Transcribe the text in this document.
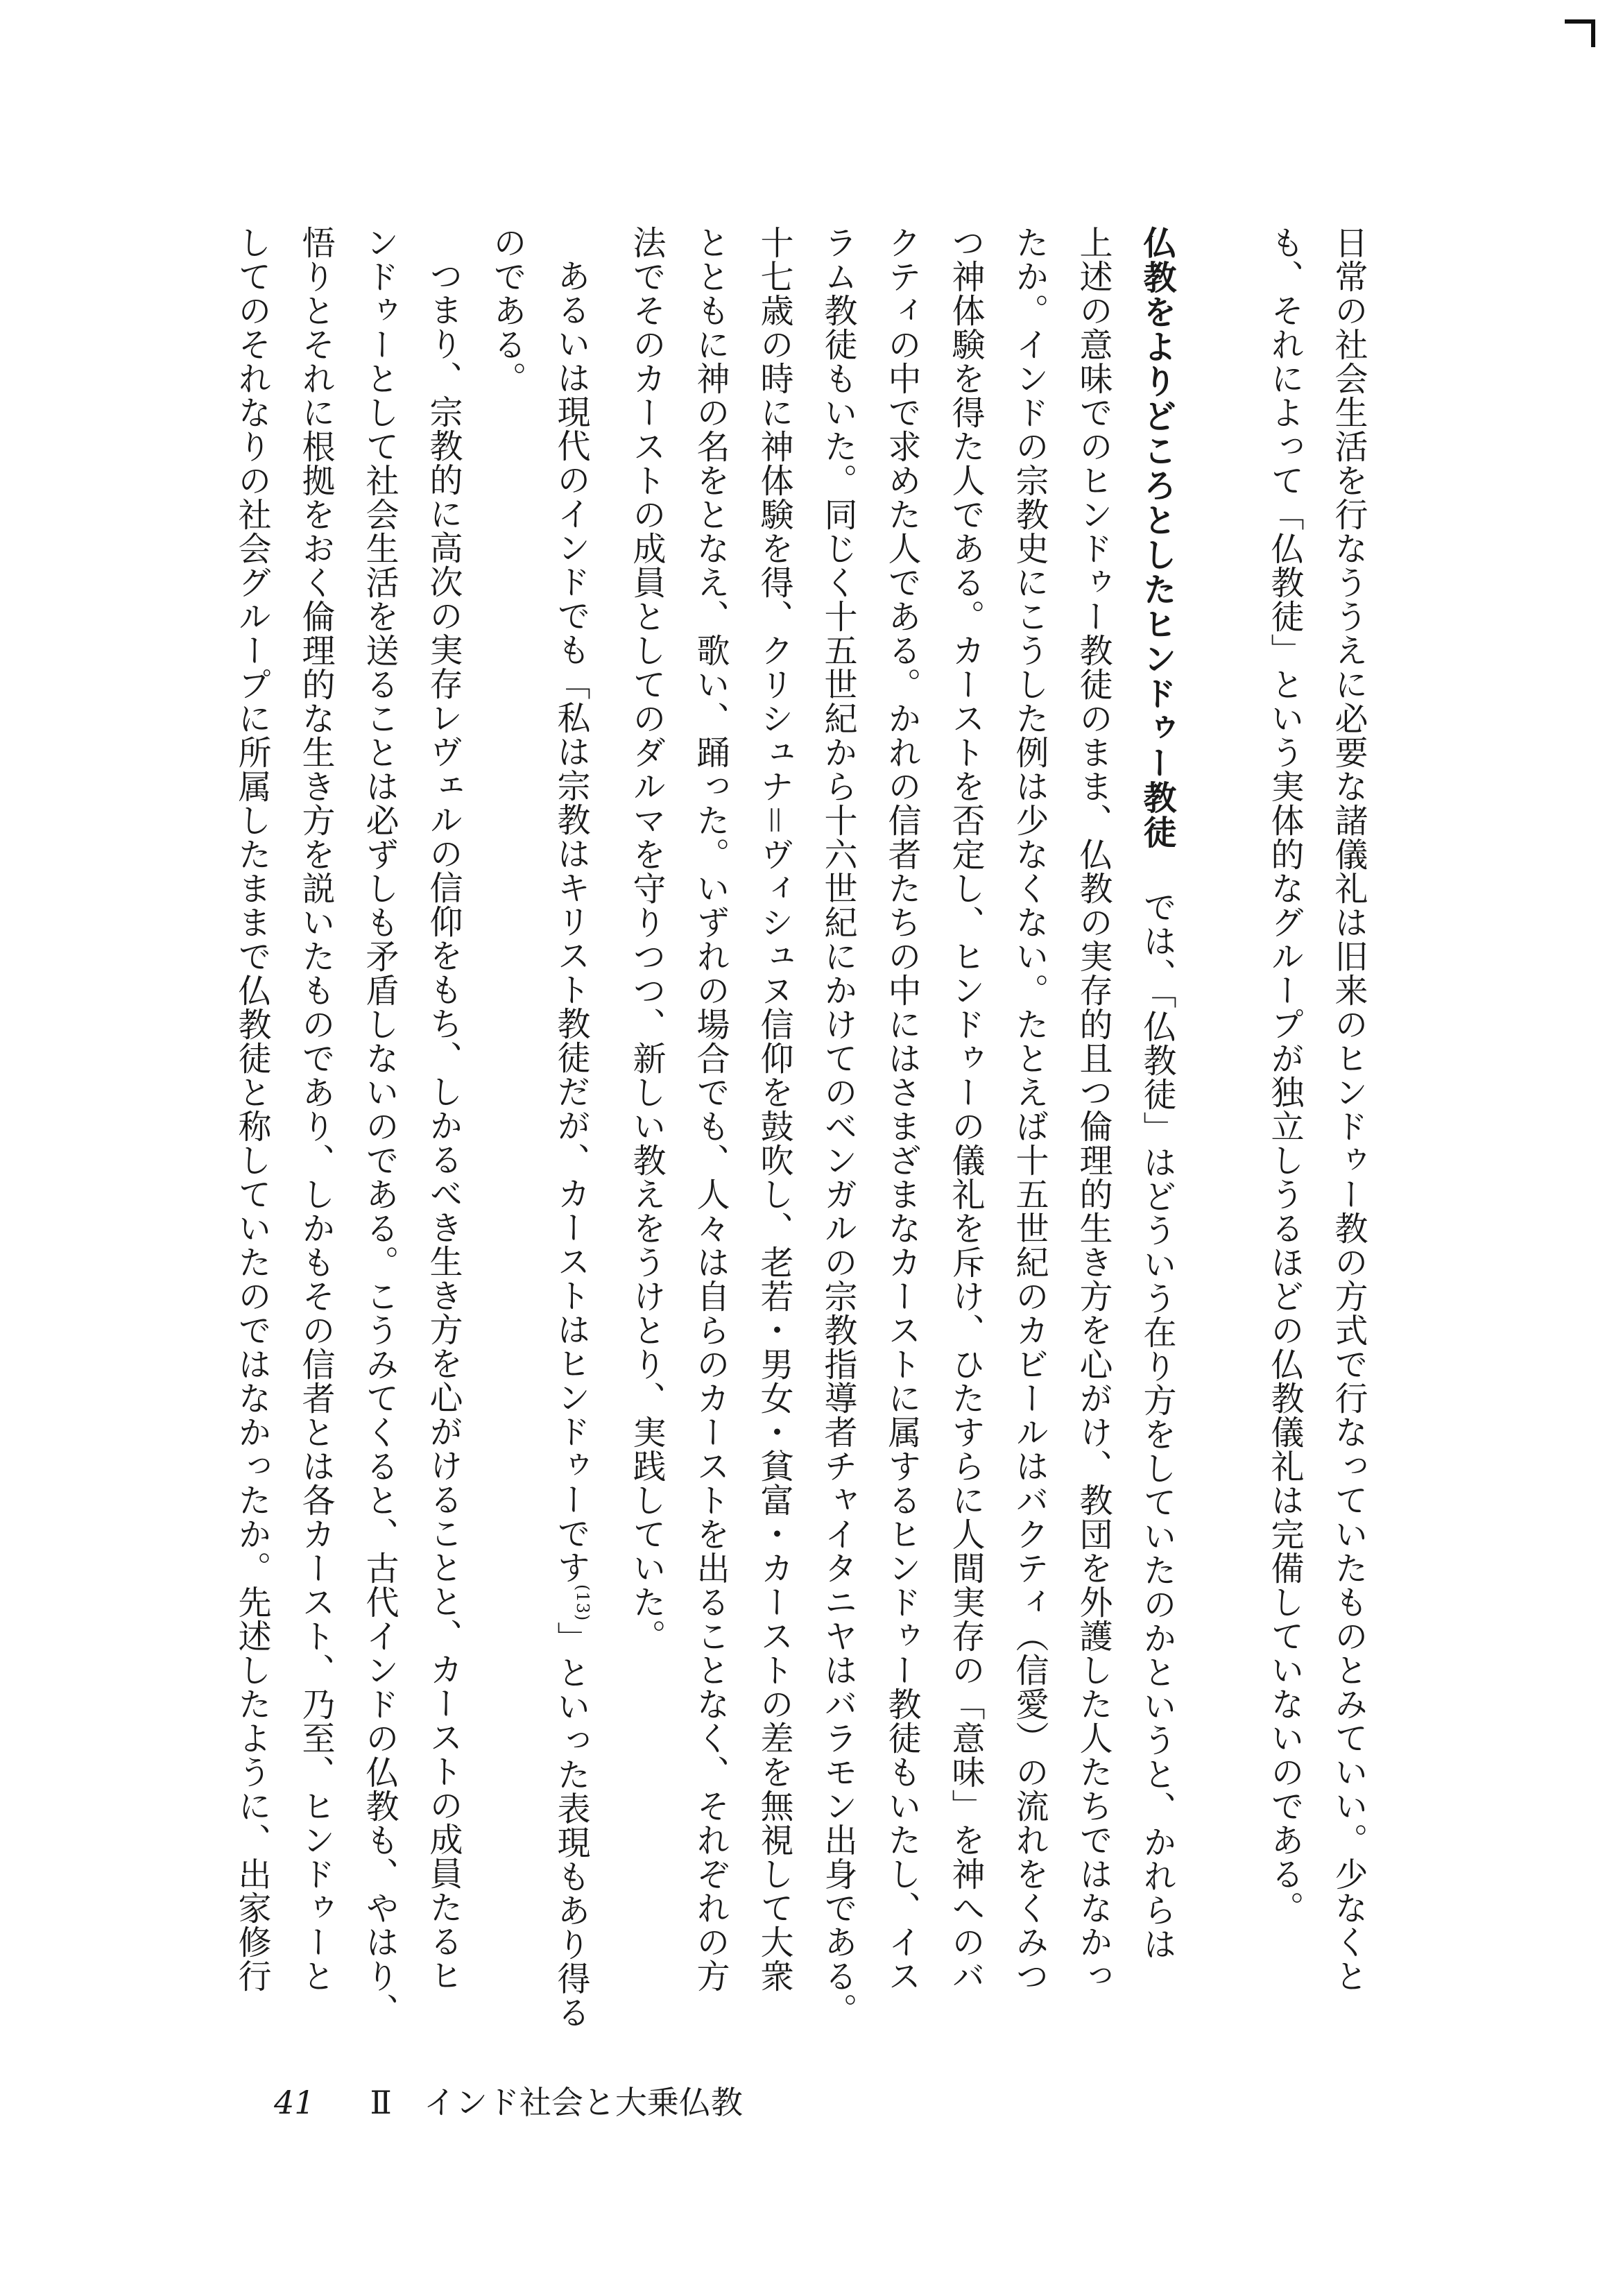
日常の社会生活を行なううえに必要な諸儀礼は旧来のヒンドゥー教の方式で行なっていたものとみていい。少なくと

も、それによって「仏教徒」という実体的なグループが独立しうるほどの仏教儀礼は完備していないのである。

仏教をよりどころとしたヒンドゥー教徒では、「仏教徒」はどういう在り方をしていたのかというと、かれらは

上述の意味でのヒンドゥー教徒のまま、仏教の実存的且つ倫理的生き方を心がけ、教団を外護した人たちではなかっ

たか。インドの宗教史にこうした例は少なくない。たとえば十五世紀のカビールはバクティ（信愛）の流れをくみつ

つ神体験を得た人である。カーストを否定し、ヒンドゥーの儀礼を斥け、ひたすらに人間実存の「意味」を神へのバ

クティの中で求めた人である。かれの信者たちの中にはさまざまなカーストに属するヒンドゥー教徒もいたし、イス

ラム教徒もいた。同じく十五世紀から十六世紀にかけてのベンガルの宗教指導者チャイタニヤはバラモン出身である。

十七歳の時に神体験を得、クリシュナ＝ヴィシュヌ信仰を鼓吹し、老若・男女・貧富・カーストの差を無視して大衆

とともに神の名をとなえ、歌い、踊った。いずれの場合でも、人々は自らのカーストを出ることなく、それぞれの方

法でそのカーストの成員としてのダルマを守りつつ、新しい教えをうけとり、実践していた。

あるいは現代のインドでも「私は宗教はキリスト教徒だが、カーストはヒンドゥーです$^{(13)}$」といった表現もあり得る

のである。

つまり、宗教的に高次の実存レヴェルの信仰をもち、しかるべき生き方を心がけることと、カーストの成員たるヒ

ンドゥーとして社会生活を送ることは必ずしも矛盾しないのである。こうみてくると、古代インドの仏教も、やはり、

悟りとそれに根拠をおく倫理的な生き方を説いたものであり、しかもその信者とは各カースト、乃至、ヒンドゥーと

してのそれなりの社会グループに所属したままで仏教徒と称していたのではなかったか。先述したように、出家修行

41 Ⅱ  インド社会と大乗仏教
